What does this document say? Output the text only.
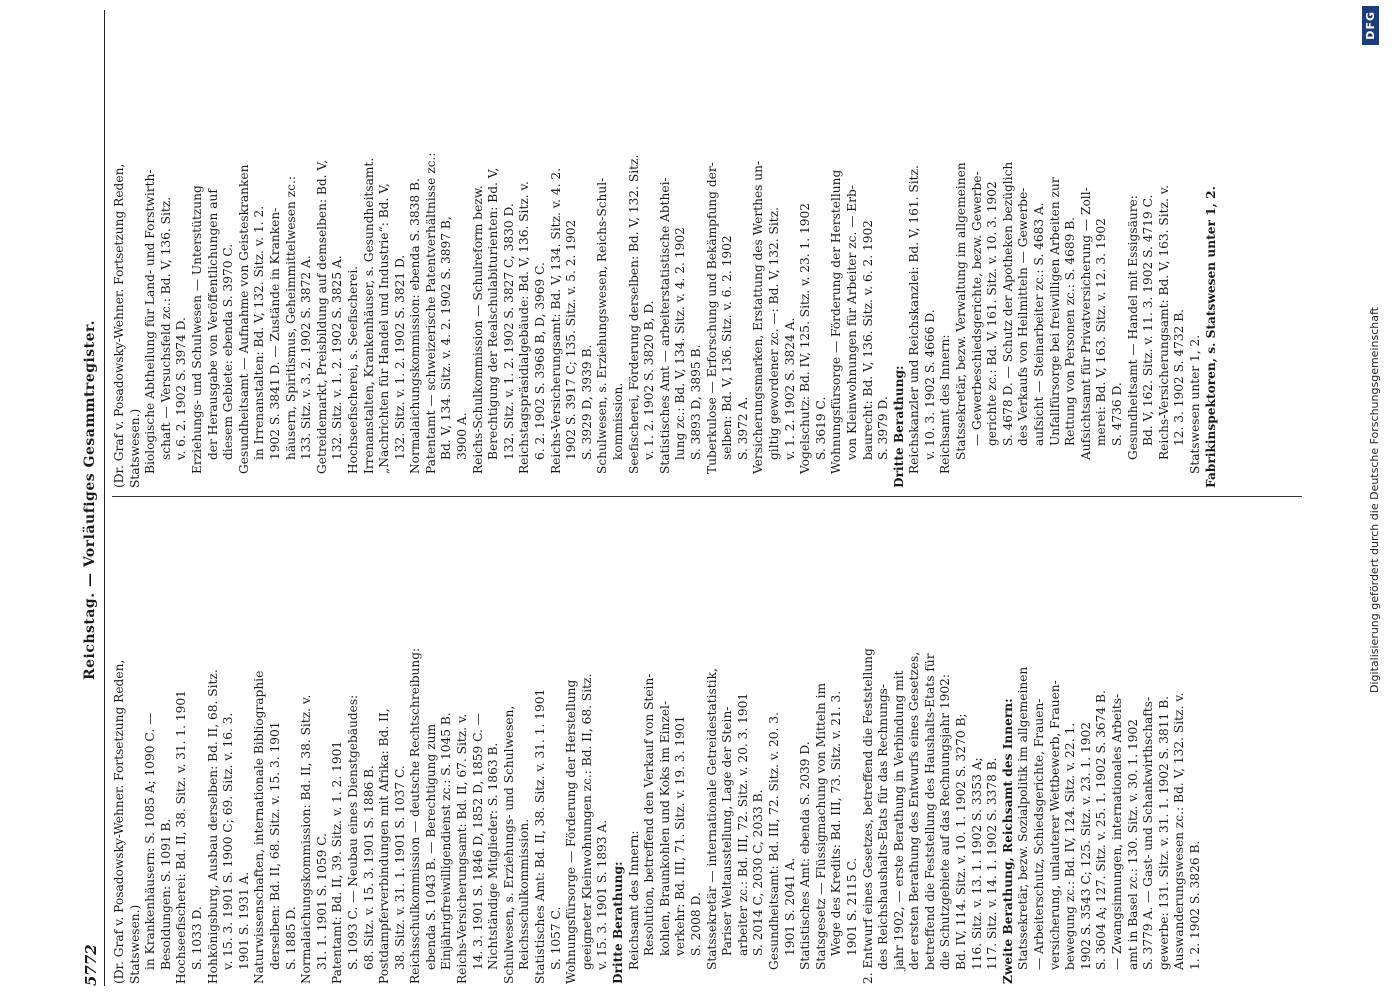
5772
Reichstag. — Vorläufiges Gesammtregister.
(Dr. Graf v. Posadowsky-Wehner. Fortsetzung Reden, Statswesen.) in Krankenhäusern: S. 1085 A; 1090 C. — Besoldungen: S. 1091 B. Hochseefischerei: Bd. II, 38. Sitz. v. 31. 1. 1901 S. 1033 D. Hohkönigsburg, Ausbau derselben: Bd. II, 68. Sitz. v. 15. 3. 1901 S. 1900 C; 69. Sitz. v. 16. 3. 1901 S. 1931 A. Naturwissenschaften, internationale Bibliographie derselben: Bd. II, 68. Sitz. v. 15. 3. 1901 S. 1885 D. Normalaichungskommission: Bd. II, 38. Sitz. v. 31. 1. 1901 S. 1059 C. Patentamt: Bd. II, 39. Sitz. v. 1. 2. 1901 S. 1093 C. — Neubau eines Dienstgebäudes: 68. Sitz. v. 15. 3. 1901 S. 1886 B. Postdampferverbindungen mit Afrika: Bd. II, 38. Sitz. v. 31. 1. 1901 S. 1037 C. Reichsschulkommission — deutsche Rechtschreibung: ebenda S. 1043 B. — Berechtigung zum Einjährigfreiwilligendienst zc.: S. 1045 B. Reichs-Versicherungsamt: Bd. II, 67. Sitz. v. 14. 3. 1901 S. 1846 D, 1852 D, 1859 C. — Nichtständige Mitglieder: S. 1863 B. Schulwesen, s. Erziehungs- und Schulwesen, Reichsschulkommission. Statistisches Amt: Bd. II, 38. Sitz. v. 31. 1. 1901 S. 1057 C. Wohnungsfürsorge — Förderung der Herstellung geeigneter Kleinwohnungen zc.: Bd. II, 68. Sitz. v. 15. 3. 1901 S. 1893 A. Dritte Berathung: Reichsamt des Innern: Resolution, betreffend den Verkauf von Stein- kohlen, Braunkohlen und Koks im Einzel- verkehr: Bd. III, 71. Sitz. v. 19. 3. 1901 S. 2008 D. Statssekretär — internationale Getreidestatistik, Pariser Weltausstellung, Lage der Stein- arbeiter zc.: Bd. III, 72. Sitz. v. 20. 3. 1901 S. 2014 C, 2030 C, 2033 B. Gesundheitsamt: Bd. III, 72. Sitz. v. 20. 3. 1901 S. 2041 A. Statistisches Amt: ebenda S. 2039 D. Statsgesetz — Flüssigmachung von Mitteln im Wege des Kredits: Bd. III, 73. Sitz. v. 21. 3. 1901 S. 2115 C. 2. Entwurf eines Gesetzes, betreffend die Feststellung des Reichshaushalts-Etats für das Rechnungs- jahr 1902, — erste Berathung in Verbindung mit der ersten Berathung des Entwurfs eines Gesetzes, betreffend die Feststellung des Haushalts-Etats für die Schutzgebiete auf das Rechnungsjahr 1902: Bd. IV, 114. Sitz. v. 10. 1. 1902 S. 3270 B; 116. Sitz. v. 13. 1. 1902 S. 3353 A; 117. Sitz. v. 14. 1. 1902 S. 3378 B. Zweite Berathung, Reichsamt des Innern: Statssekretär, bezw. Sozialpolitik im allgemeinen — Arbeiterschutz, Schiedsgerichte, Frauen- versicherung, unlauterer Wettbewerb, Frauen- bewegung zc.: Bd. IV, 124. Sitz. v. 22. 1. 1902 S. 3543 C; 125. Sitz. v. 23. 1. 1902 S. 3604 A; 127. Sitz. v. 25. 1. 1902 S. 3674 B. — Zwangsinnungen, internationales Arbeits- amt in Basel zc.: 130. Sitz. v. 30. 1. 1902 S. 3779 A. — Gast- und Schankwirthschafts- gewerbe: 131. Sitz. v. 31. 1. 1902 S. 3811 B. Auswanderungswesen zc.: Bd. V, 132. Sitz. v. 1. 2. 1902 S. 3826 B.
(Dr. Graf v. Posadowsky-Wehner. Fortsetzung Reden, Statswesen.) Biologische Abtheilung für Land- und Forstwirth- schaft — Versuchsfeld zc.: Bd. V, 136. Sitz. v. 6. 2. 1902 S. 3974 D. Erziehungs- und Schulwesen — Unterstützung der Herausgabe von Veröffentlichungen auf diesem Gebiete: ebenda S. 3970 C. Gesundheitsamt — Aufnahme von Geisteskranken in Irrenanstalten: Bd. V, 132. Sitz. v. 1. 2. 1902 S. 3841 D. — Zustände in Kranken- häusern, Spiritismus, Geheimmittelwesen zc.: 133. Sitz. v. 3. 2. 1902 S. 3872 A. Getreidemarkt, Preisbildung auf demselben: Bd. V, 132. Sitz. v. 1. 2. 1902 S. 3825 A. Hochseefischerei, s. Seefischerei. Irrenanstalten, Krankenhäuser, s. Gesundheitsamt. „Nachrichten für Handel und Industrie“: Bd. V, 132. Sitz. v. 1. 2. 1902 S. 3821 D. Normalaichungskommission: ebenda S. 3838 B. Patentamt — schweizerische Patentverhältnisse zc.: Bd. V, 134. Sitz. v. 4. 2. 1902 S. 3897 B, 3900 A. Reichs-Schulkommission — Schulreform bezw. Berechtigung der Realschulabiturienten: Bd. V, 132. Sitz. v. 1. 2. 1902 S. 3827 C, 3830 D. Reichstagspräsidialgebäude: Bd. V, 136. Sitz. v. 6. 2. 1902 S. 3968 B, D, 3969 C. Reichs-Versicherungsamt: Bd. V, 134. Sitz. v. 4. 2. 1902 S. 3917 C; 135. Sitz. v. 5. 2. 1902 S. 3929 D, 3939 B. Schulwesen, s. Erziehungswesen, Reichs-Schul- kommission. Seefischerei, Förderung derselben: Bd. V, 132. Sitz. v. 1. 2. 1902 S. 3820 B, D. Statistisches Amt — arbeiterstatistische Abthei- lung zc.: Bd. V, 134. Sitz. v. 4. 2. 1902 S. 3893 D, 3895 B. Tuberkulose — Erforschung und Bekämpfung der- selben: Bd. V, 136. Sitz. v. 6. 2. 1902 S. 3972 A. Versicherungsmarken, Erstattung des Werthes un- giltig gewordener zc. —: Bd. V, 132. Sitz. v. 1. 2. 1902 S. 3824 A. Vogelschutz: Bd. IV, 125. Sitz. v. 23. 1. 1902 S. 3619 C. Wohnungsfürsorge — Förderung der Herstellung von Kleinwohnungen für Arbeiter zc. — Erb- baurecht: Bd. V, 136. Sitz. v. 6. 2. 1902 S. 3979 D. Dritte Berathung: Reichskanzler und Reichskanzlei: Bd. V, 161. Sitz. v. 10. 3. 1902 S. 4666 D. Reichsamt des Innern: Statssekretär, bezw. Verwaltung im allgemeinen — Gewerbeschiedsgerichte, bezw. Gewerbe- gerichte zc.: Bd. V, 161. Sitz. v. 10. 3. 1902 S. 4678 D. — Schutz der Apotheken bezüglich des Verkaufs von Heilmitteln — Gewerbe- aufsicht — Steinarbeiter zc.: S. 4683 A. Unfallfürsorge bei freiwilligen Arbeiten zur Rettung von Personen zc.: S. 4689 B. Aufsichtsamt für Privatversicherung — Zoll- merei: Bd. V, 163. Sitz. v. 12. 3. 1902 S. 4736 D. Gesundheitsamt — Handel mit Essigsäure: Bd. V, 162. Sitz. v. 11. 3. 1902 S. 4719 C. Reichs-Versicherungsamt: Bd. V, 163. Sitz. v. 12. 3. 1902 S. 4732 B. Statswesen unter 1, 2. Fabrikinspektoren, s. Statswesen unter 1, 2.	Digitalisierung gefördert durch die Deutsche Forschungsgemeinschaft
DFG
